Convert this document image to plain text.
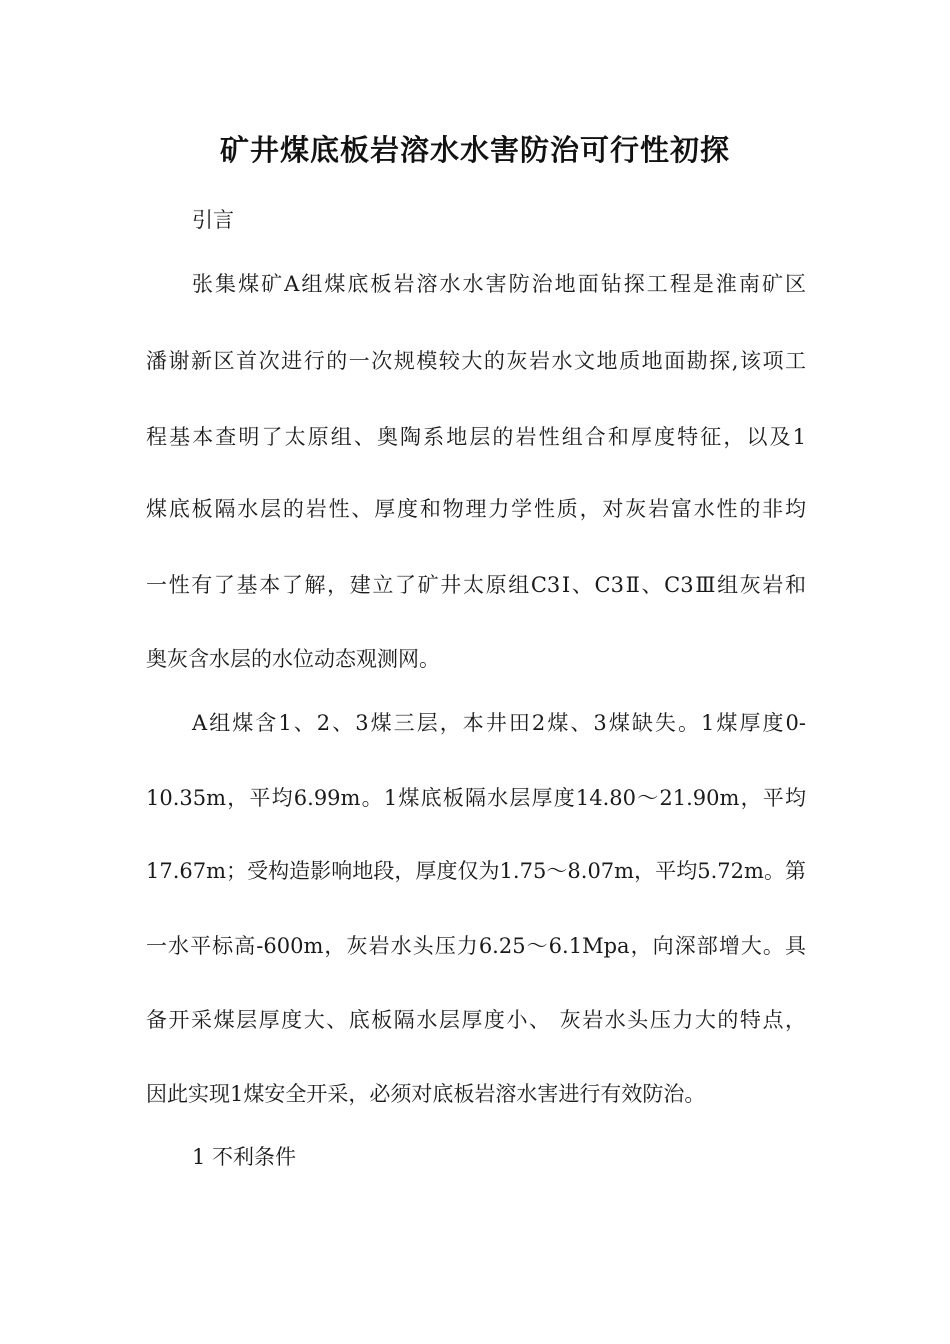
矿井煤底板岩溶水水害防治可行性初探

引言

张集煤矿A组煤底板岩溶水水害防治地面钻探工程是淮南矿区

潘谢新区首次进行的一次规模较大的灰岩水文地质地面勘探,该项工

程基本查明了太原组、奥陶系地层的岩性组合和厚度特征，以及1

煤底板隔水层的岩性、厚度和物理力学性质，对灰岩富水性的非均

一性有了基本了解，建立了矿井太原组C3Ⅰ、C3Ⅱ、C3Ⅲ组灰岩和

奥灰含水层的水位动态观测网。

A组煤含1、2、3煤三层，本井田2煤、3煤缺失。1煤厚度0-

10.35m，平均6.99m。1煤底板隔水层厚度14.80～21.90m，平均

17.67m；受构造影响地段，厚度仅为1.75～8.07m，平均5.72m。第

一水平标高-600m，灰岩水头压力6.25～6.1Mpa，向深部增大。具

备开采煤层厚度大、底板隔水层厚度小、 灰岩水头压力大的特点，

因此实现1煤安全开采，必须对底板岩溶水害进行有效防治。

1 不利条件
